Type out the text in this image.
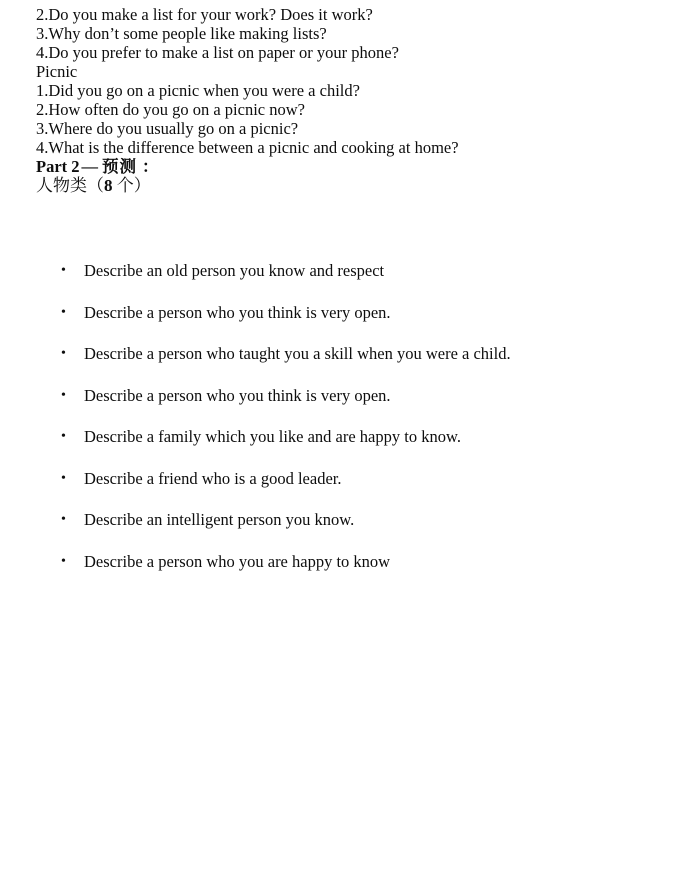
2.Do you make a list for your work? Does it work?

3.Why don’t some people like making lists?

4.Do you prefer to make a list on paper or your phone?

Picnic

1.Did you go on a picnic when you were a child?

2.How often do you go on a picnic now?

3.Where do you usually go on a picnic?

4.What is the difference between a picnic and cooking at home?

Part 2 — 预测 ：

人物类（8 个）

• Describe an old person you know and respect
• Describe a person who you think is very open.
• Describe a person who taught you a skill when you were a child.
• Describe a person who you think is very open.
• Describe a family which you like and are happy to know.
• Describe a friend who is a good leader.
• Describe an intelligent person you know.
• Describe a person who you are happy to know
